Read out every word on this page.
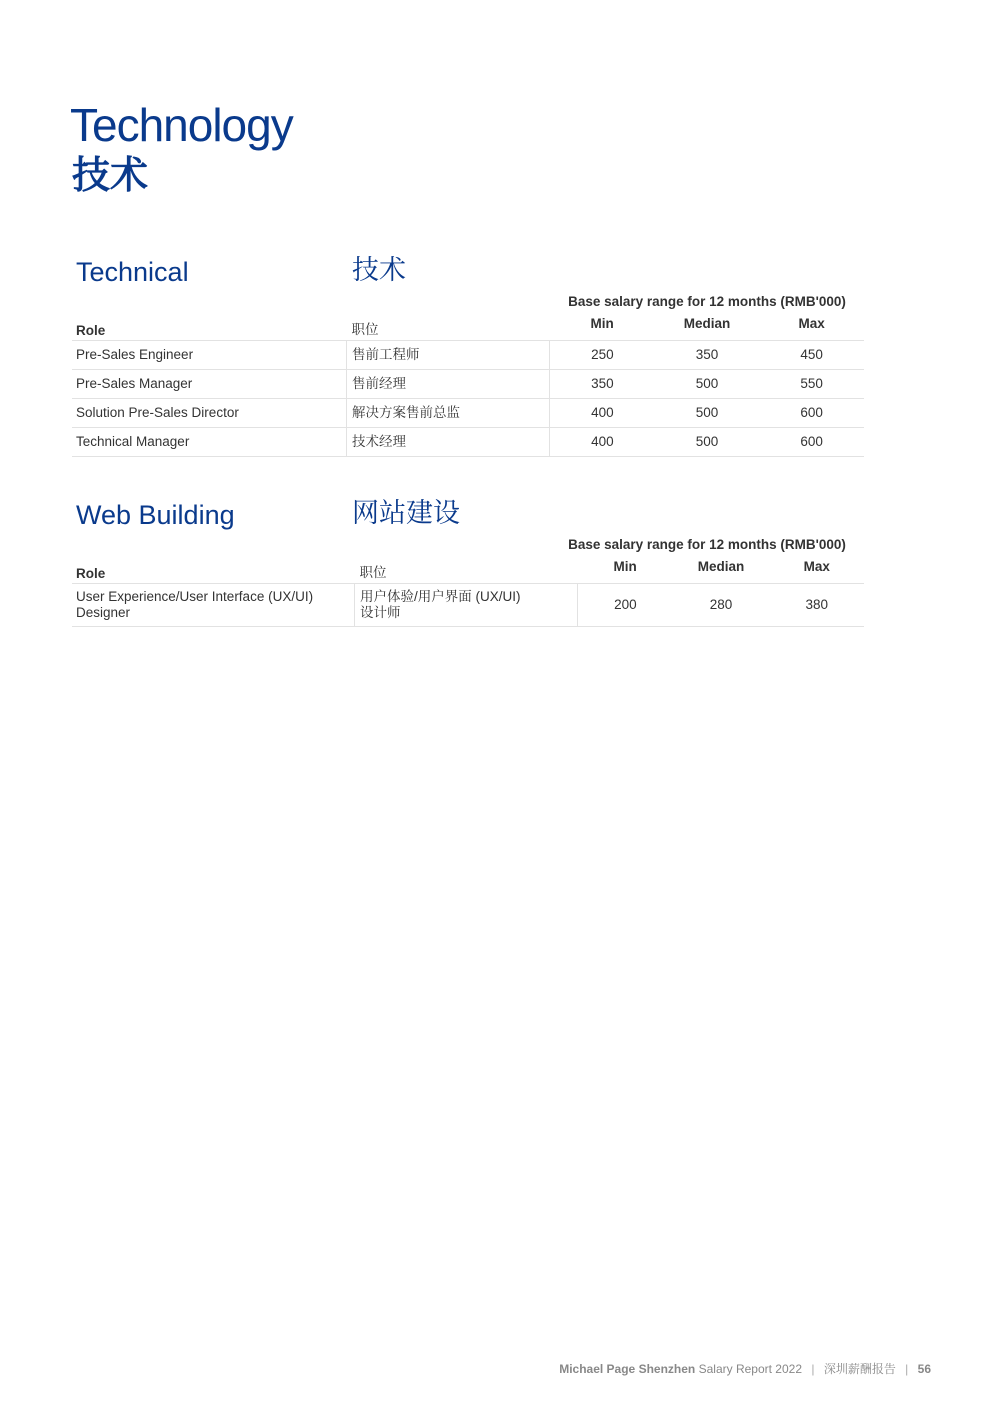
Technology
技术
Technical	技术
Base salary range for 12 months (RMB'000)
Role	职位	Min	Median	Max
Pre-Sales Engineer	售前工程师	250	350	450
Pre-Sales Manager	售前经理	350	500	550
Solution Pre-Sales Director	解决方案售前总监	400	500	600
Technical Manager	技术经理	400	500	600
Web Building	网站建设
Base salary range for 12 months (RMB'000)
Role	职位	Min	Median	Max
User Experience/User Interface (UX/UI) Designer	用户体验/用户界面 (UX/UI) 设计师	200	280	380
Michael Page Shenzhen Salary Report 2022 | 深圳薪酬报告 | 56
